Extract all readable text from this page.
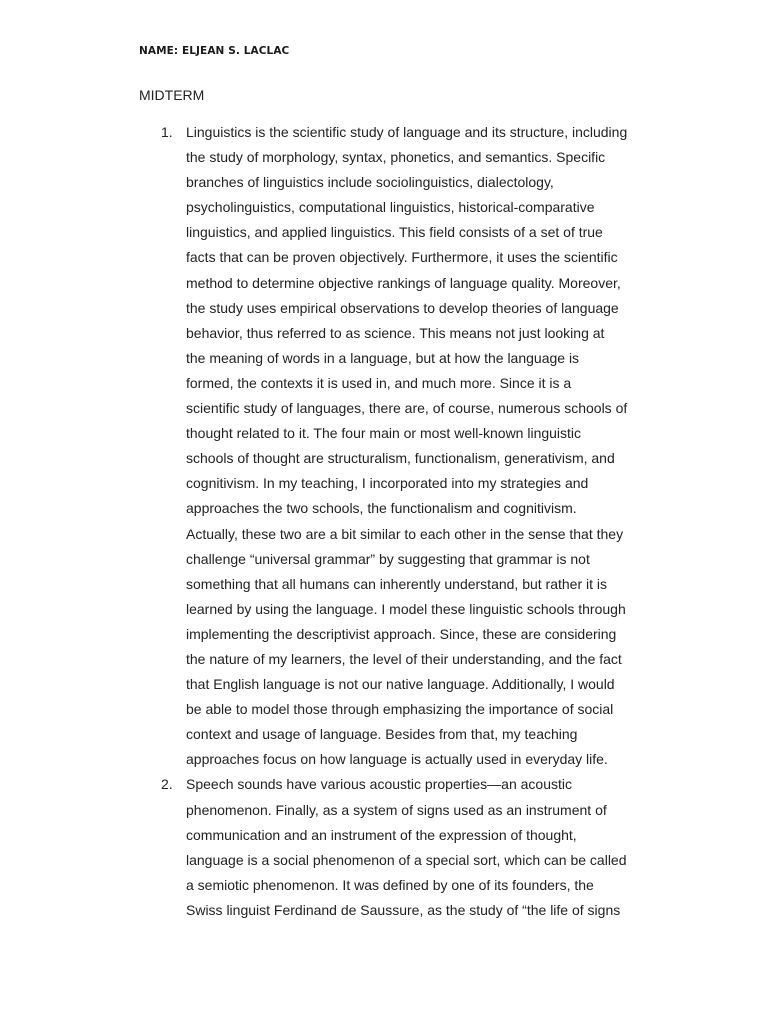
NAME: ELJEAN S. LACLAC
MIDTERM
1. Linguistics is the scientific study of language and its structure, including
the study of morphology, syntax, phonetics, and semantics. Specific
branches of linguistics include sociolinguistics, dialectology,
psycholinguistics, computational linguistics, historical-comparative
linguistics, and applied linguistics. This field consists of a set of true
facts that can be proven objectively. Furthermore, it uses the scientific
method to determine objective rankings of language quality. Moreover,
the study uses empirical observations to develop theories of language
behavior, thus referred to as science. This means not just looking at
the meaning of words in a language, but at how the language is
formed, the contexts it is used in, and much more. Since it is a
scientific study of languages, there are, of course, numerous schools of
thought related to it. The four main or most well-known linguistic
schools of thought are structuralism, functionalism, generativism, and
cognitivism. In my teaching, I incorporated into my strategies and
approaches the two schools, the functionalism and cognitivism.
Actually, these two are a bit similar to each other in the sense that they
challenge “universal grammar” by suggesting that grammar is not
something that all humans can inherently understand, but rather it is
learned by using the language. I model these linguistic schools through
implementing the descriptivist approach. Since, these are considering
the nature of my learners, the level of their understanding, and the fact
that English language is not our native language. Additionally, I would
be able to model those through emphasizing the importance of social
context and usage of language. Besides from that, my teaching
approaches focus on how language is actually used in everyday life.
2. Speech sounds have various acoustic properties—an acoustic
phenomenon. Finally, as a system of signs used as an instrument of
communication and an instrument of the expression of thought,
language is a social phenomenon of a special sort, which can be called
a semiotic phenomenon. It was defined by one of its founders, the
Swiss linguist Ferdinand de Saussure, as the study of “the life of signs
